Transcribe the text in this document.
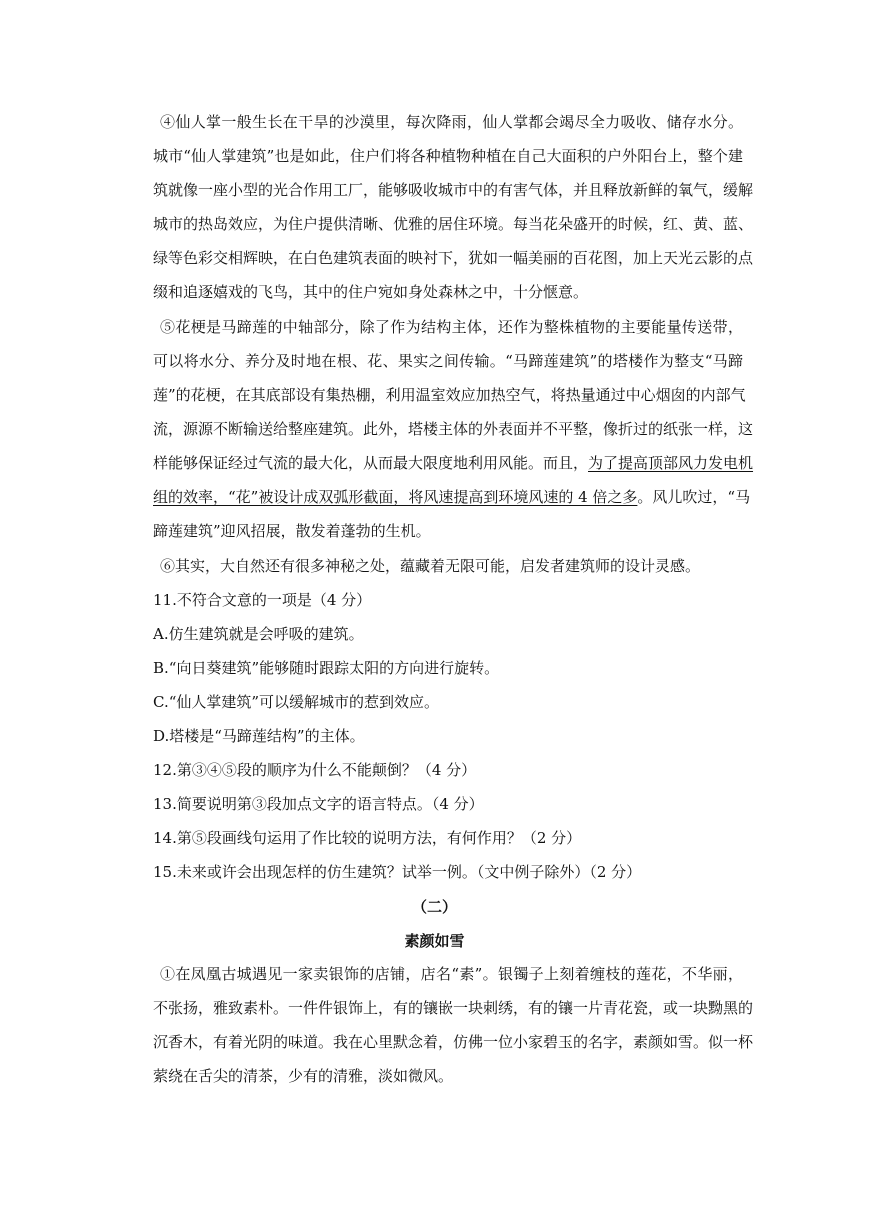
④仙人掌一般生长在干旱的沙漠里，每次降雨，仙人掌都会竭尽全力吸收、储存水分。

城市“仙人掌建筑”也是如此，住户们将各种植物种植在自己大面积的户外阳台上，整个建

筑就像一座小型的光合作用工厂，能够吸收城市中的有害气体，并且释放新鲜的氧气，缓解

城市的热岛效应，为住户提供清晰、优雅的居住环境。每当花朵盛开的时候，红、黄、蓝、

绿等色彩交相辉映，在白色建筑表面的映衬下，犹如一幅美丽的百花图，加上天光云影的点

缀和追逐嬉戏的飞鸟，其中的住户宛如身处森林之中，十分惬意。

⑤花梗是马蹄莲的中轴部分，除了作为结构主体，还作为整株植物的主要能量传送带，

可以将水分、养分及时地在根、花、果实之间传输。“马蹄莲建筑”的塔楼作为整支“马蹄

莲”的花梗，在其底部设有集热棚，利用温室效应加热空气，将热量通过中心烟囱的内部气

流，源源不断输送给整座建筑。此外，塔楼主体的外表面并不平整，像折过的纸张一样，这

样能够保证经过气流的最大化，从而最大限度地利用风能。而且，为了提高顶部风力发电机

组的效率，“花”被设计成双弧形截面，将风速提高到环境风速的 4 倍之多。风儿吹过，“马

蹄莲建筑”迎风招展，散发着蓬勃的生机。

⑥其实，大自然还有很多神秘之处，蕴藏着无限可能，启发者建筑师的设计灵感。

11.不符合文意的一项是（4 分）

A.仿生建筑就是会呼吸的建筑。

B.“向日葵建筑”能够随时跟踪太阳的方向进行旋转。

C.“仙人掌建筑”可以缓解城市的惹到效应。

D.塔楼是“马蹄莲结构”的主体。

12.第③④⑤段的顺序为什么不能颠倒？（4 分）

13.简要说明第③段加点文字的语言特点。（4 分）

14.第⑤段画线句运用了作比较的说明方法，有何作用？（2 分）

15.未来或许会出现怎样的仿生建筑？试举一例。（文中例子除外）（2 分）

（二）

素颜如雪

①在凤凰古城遇见一家卖银饰的店铺，店名“素”。银镯子上刻着缠枝的莲花，不华丽，

不张扬，雅致素朴。一件件银饰上，有的镶嵌一块刺绣，有的镶一片青花瓷，或一块黝黑的

沉香木，有着光阴的味道。我在心里默念着，仿佛一位小家碧玉的名字，素颜如雪。似一杯

萦绕在舌尖的清茶，少有的清雅，淡如微风。
